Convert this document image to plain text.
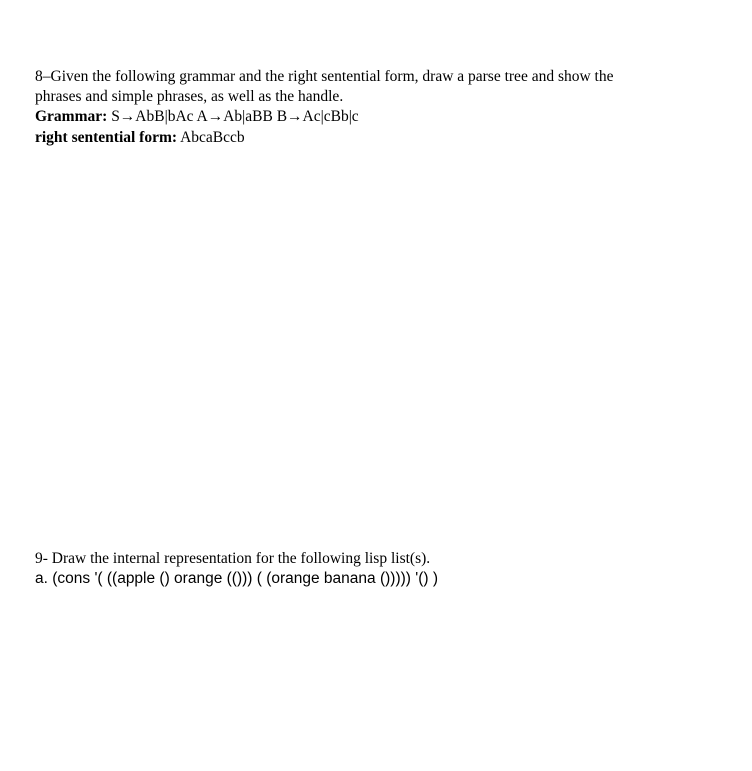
8–Given the following grammar and the right sentential form, draw a parse tree and show the
phrases and simple phrases, as well as the handle.
Grammar: S→AbB|bAc A→Ab|aBB B→Ac|cBb|c
right sentential form: AbcaBccb
9- Draw the internal representation for the following lisp list(s).
a. (cons '( ((apple () orange (())) ( (orange banana ())))) '() )
